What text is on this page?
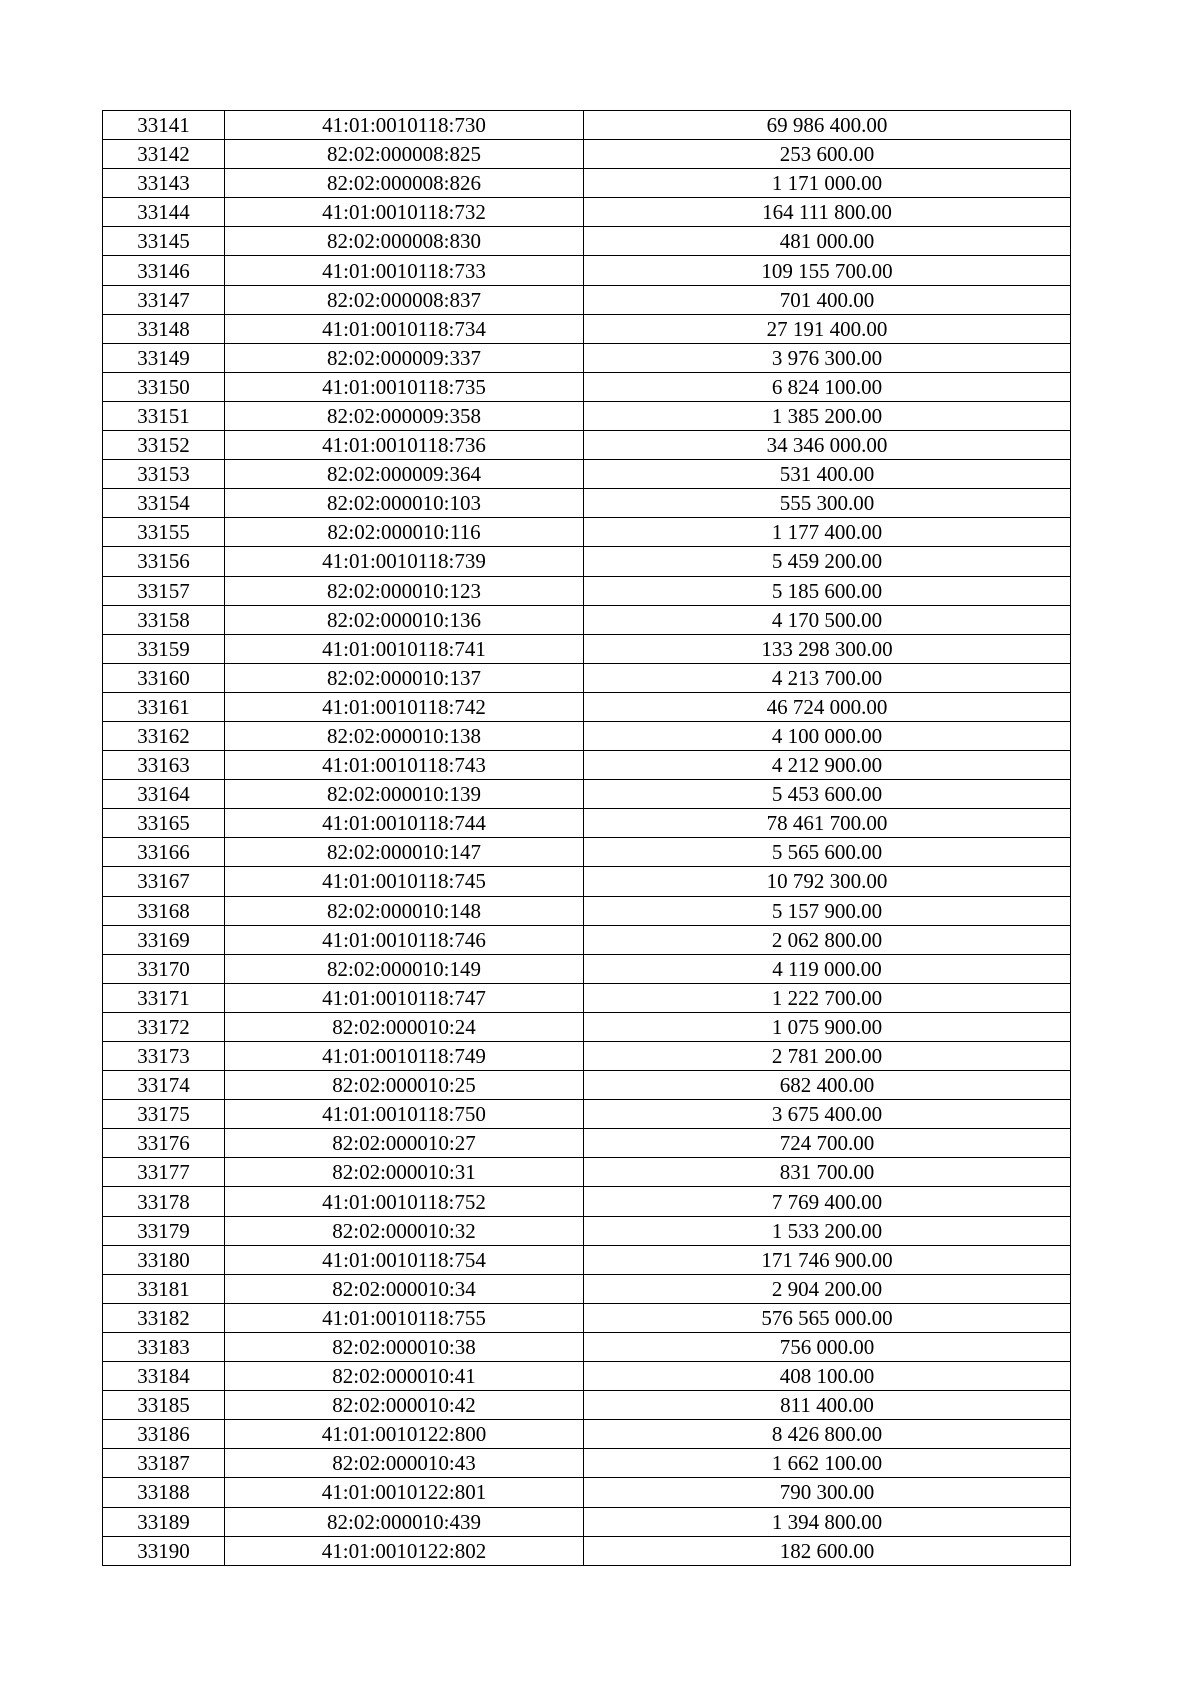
33141	41:01:0010118:730	69 986 400.00
33142	82:02:000008:825	253 600.00
33143	82:02:000008:826	1 171 000.00
33144	41:01:0010118:732	164 111 800.00
33145	82:02:000008:830	481 000.00
33146	41:01:0010118:733	109 155 700.00
33147	82:02:000008:837	701 400.00
33148	41:01:0010118:734	27 191 400.00
33149	82:02:000009:337	3 976 300.00
33150	41:01:0010118:735	6 824 100.00
33151	82:02:000009:358	1 385 200.00
33152	41:01:0010118:736	34 346 000.00
33153	82:02:000009:364	531 400.00
33154	82:02:000010:103	555 300.00
33155	82:02:000010:116	1 177 400.00
33156	41:01:0010118:739	5 459 200.00
33157	82:02:000010:123	5 185 600.00
33158	82:02:000010:136	4 170 500.00
33159	41:01:0010118:741	133 298 300.00
33160	82:02:000010:137	4 213 700.00
33161	41:01:0010118:742	46 724 000.00
33162	82:02:000010:138	4 100 000.00
33163	41:01:0010118:743	4 212 900.00
33164	82:02:000010:139	5 453 600.00
33165	41:01:0010118:744	78 461 700.00
33166	82:02:000010:147	5 565 600.00
33167	41:01:0010118:745	10 792 300.00
33168	82:02:000010:148	5 157 900.00
33169	41:01:0010118:746	2 062 800.00
33170	82:02:000010:149	4 119 000.00
33171	41:01:0010118:747	1 222 700.00
33172	82:02:000010:24	1 075 900.00
33173	41:01:0010118:749	2 781 200.00
33174	82:02:000010:25	682 400.00
33175	41:01:0010118:750	3 675 400.00
33176	82:02:000010:27	724 700.00
33177	82:02:000010:31	831 700.00
33178	41:01:0010118:752	7 769 400.00
33179	82:02:000010:32	1 533 200.00
33180	41:01:0010118:754	171 746 900.00
33181	82:02:000010:34	2 904 200.00
33182	41:01:0010118:755	576 565 000.00
33183	82:02:000010:38	756 000.00
33184	82:02:000010:41	408 100.00
33185	82:02:000010:42	811 400.00
33186	41:01:0010122:800	8 426 800.00
33187	82:02:000010:43	1 662 100.00
33188	41:01:0010122:801	790 300.00
33189	82:02:000010:439	1 394 800.00
33190	41:01:0010122:802	182 600.00
